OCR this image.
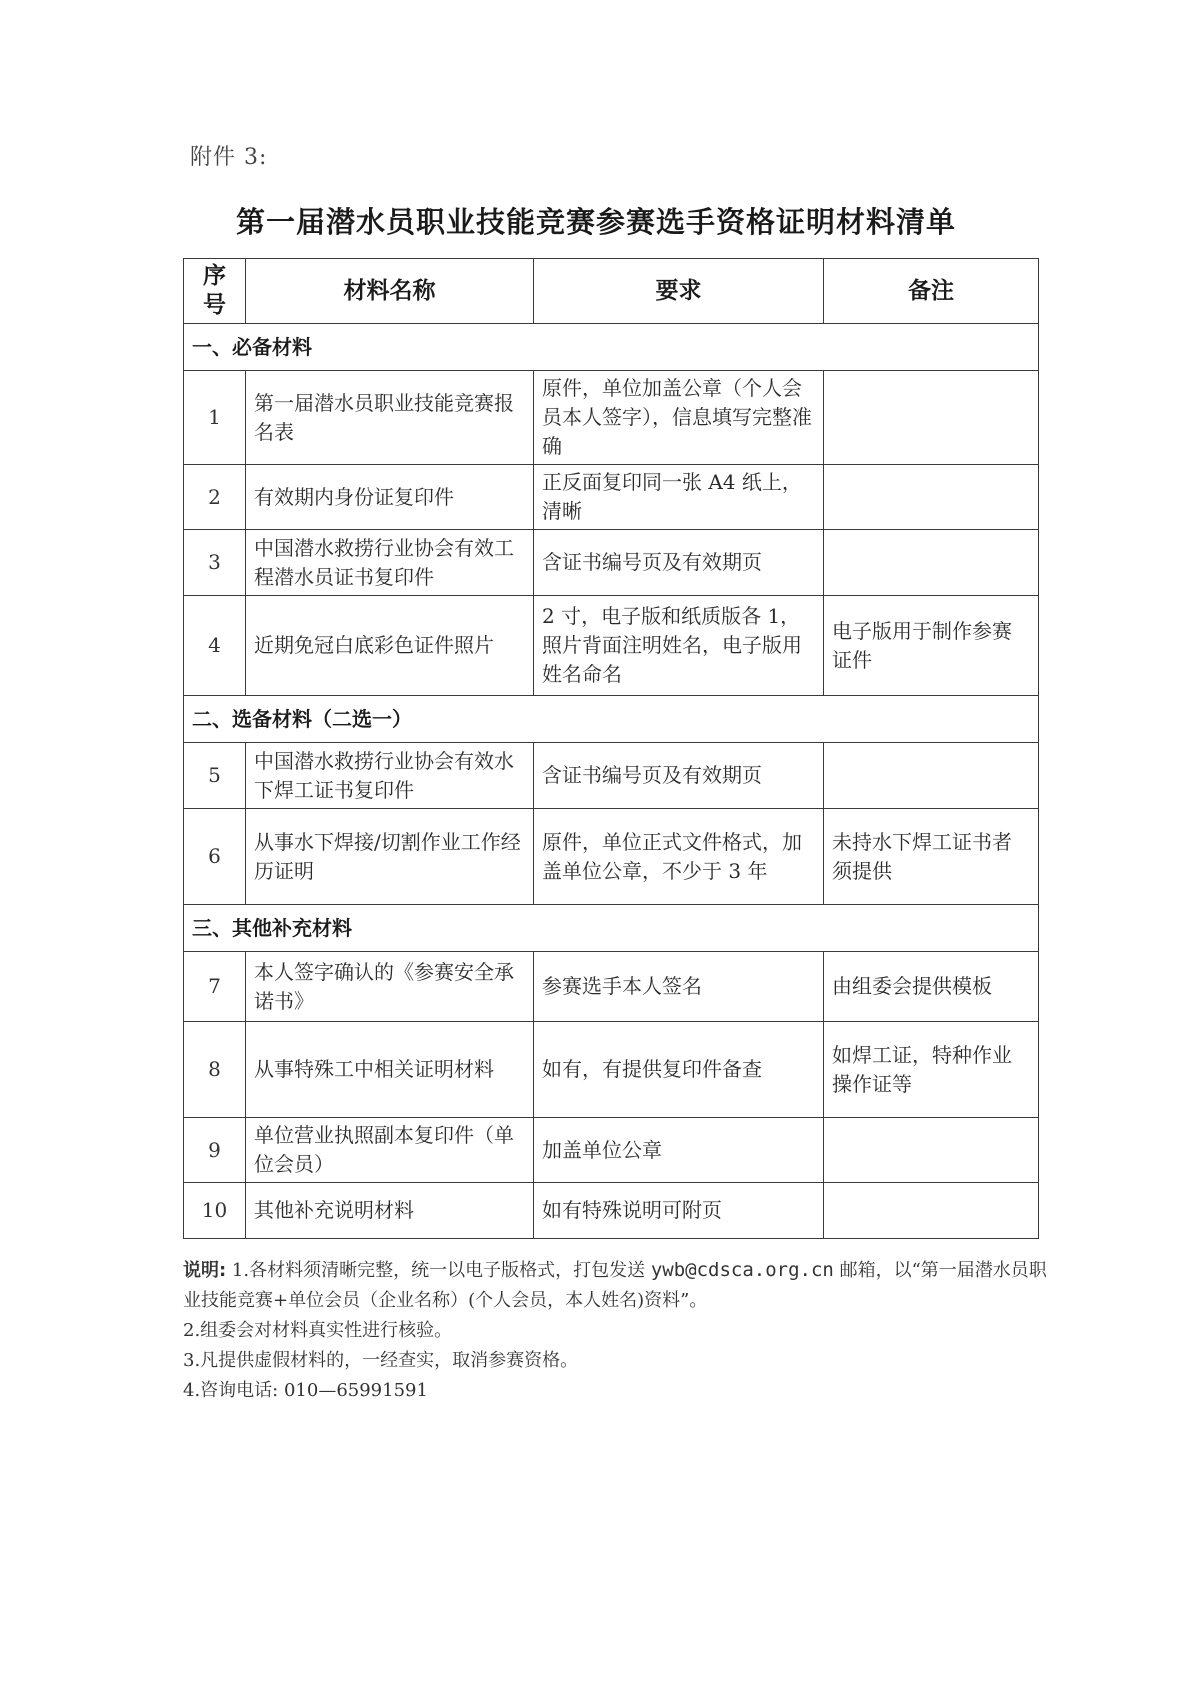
附件 3:
第一届潜水员职业技能竞赛参赛选手资格证明材料清单
序号	材料名称	要求	备注
一、必备材料			
1	第一届潜水员职业技能竞赛报名表	原件，单位加盖公章（个人会员本人签字），信息填写完整准确	
2	有效期内身份证复印件	正反面复印同一张 A4 纸上，清晰	
3	中国潜水救捞行业协会有效工程潜水员证书复印件	含证书编号页及有效期页	
4	近期免冠白底彩色证件照片	2 寸，电子版和纸质版各 1，照片背面注明姓名，电子版用姓名命名	电子版用于制作参赛证件
二、选备材料（二选一）			
5	中国潜水救捞行业协会有效水下焊工证书复印件	含证书编号页及有效期页	
6	从事水下焊接/切割作业工作经历证明	原件，单位正式文件格式，加盖单位公章，不少于 3 年	未持水下焊工证书者须提供
三、其他补充材料			
7	本人签字确认的《参赛安全承诺书》	参赛选手本人签名	由组委会提供模板
8	从事特殊工中相关证明材料	如有，有提供复印件备查	如焊工证，特种作业操作证等
9	单位营业执照副本复印件（单位会员）	加盖单位公章	
10	其他补充说明材料	如有特殊说明可附页	
说明: 1.各材料须清晰完整，统一以电子版格式，打包发送 ywb@cdsca.org.cn 邮箱，以“第一届潜水员职业技能竞赛+单位会员（企业名称）(个人会员，本人姓名)资料”。
2.组委会对材料真实性进行核验。
3.凡提供虚假材料的，一经查实，取消参赛资格。
4.咨询电话: 010—65991591
